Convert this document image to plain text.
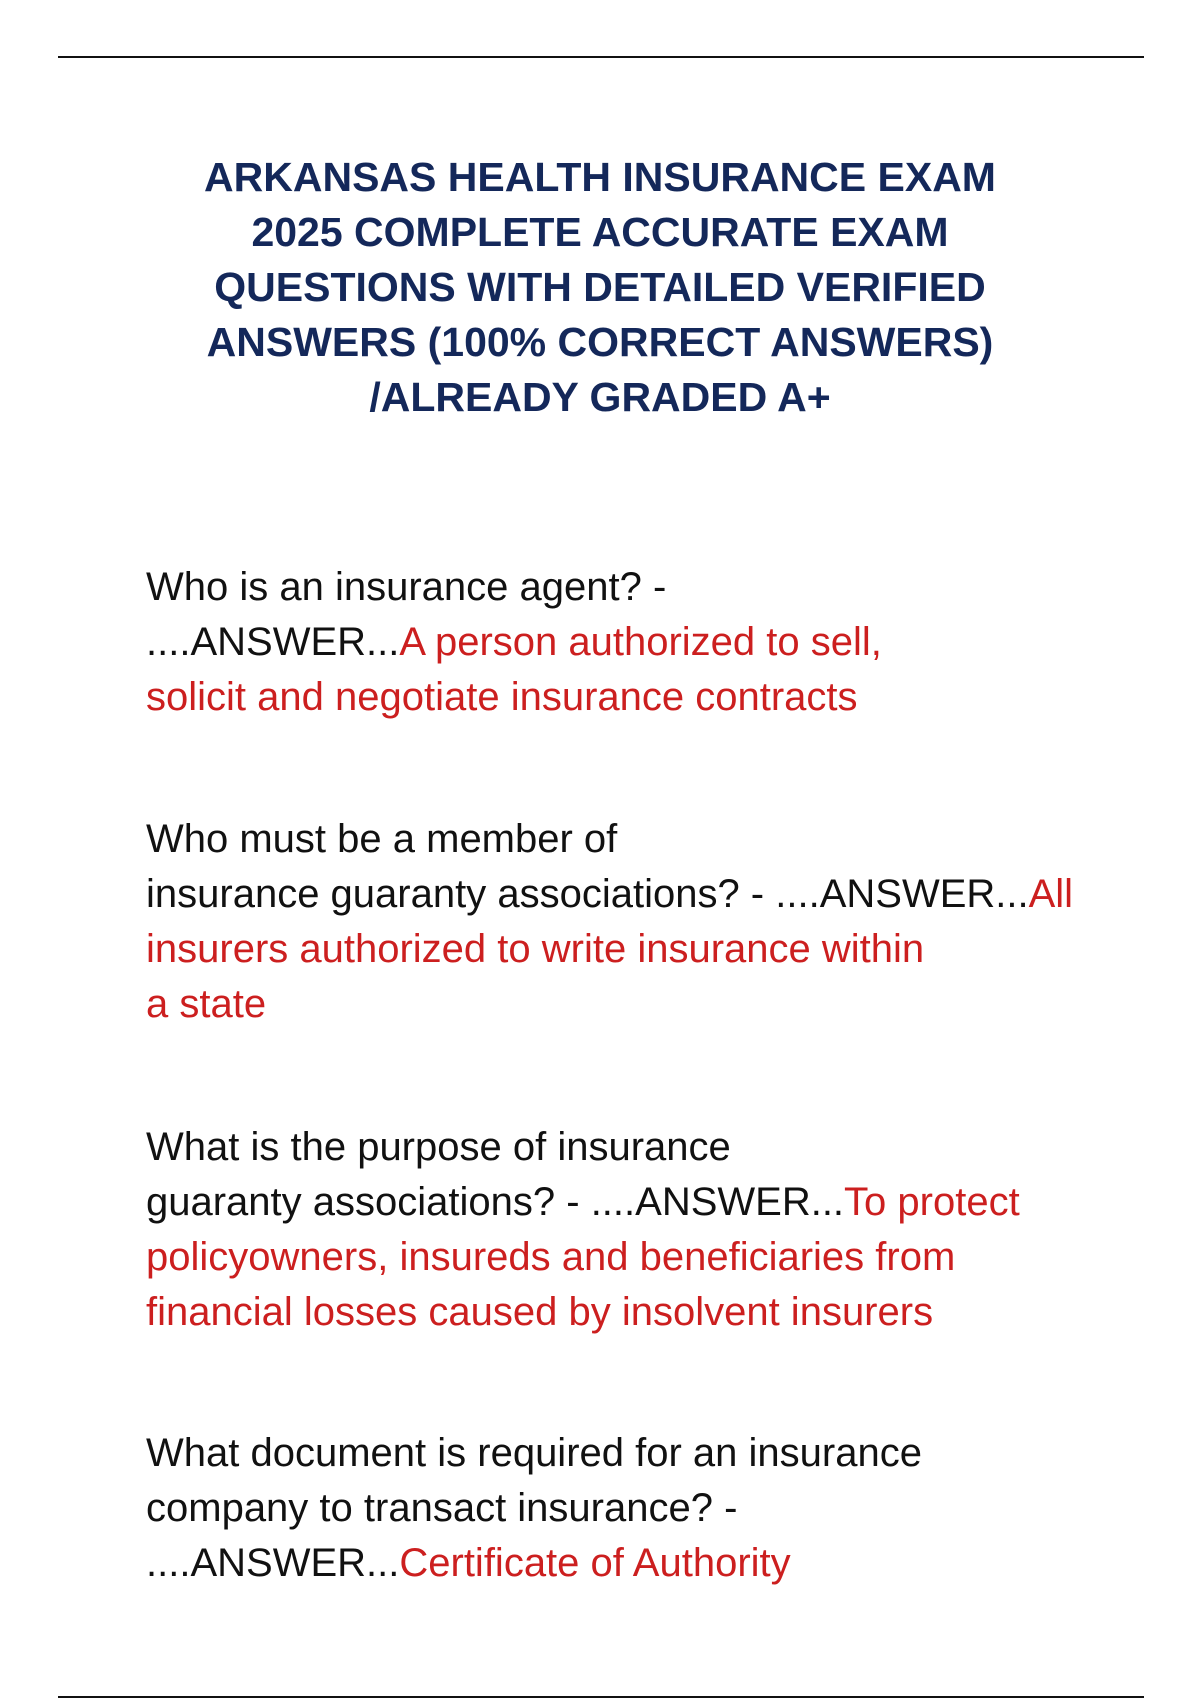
ARKANSAS HEALTH INSURANCE EXAM
2025 COMPLETE ACCURATE EXAM
QUESTIONS WITH DETAILED VERIFIED
ANSWERS (100% CORRECT ANSWERS)
/ALREADY GRADED A+

Who is an insurance agent? -
....ANSWER...A person authorized to sell,
solicit and negotiate insurance contracts

Who must be a member of
insurance guaranty associations? - ....ANSWER...All
insurers authorized to write insurance within
a state

What is the purpose of insurance
guaranty associations? - ....ANSWER...To protect
policyowners, insureds and beneficiaries from
financial losses caused by insolvent insurers

What document is required for an insurance
company to transact insurance? -
....ANSWER...Certificate of Authority
